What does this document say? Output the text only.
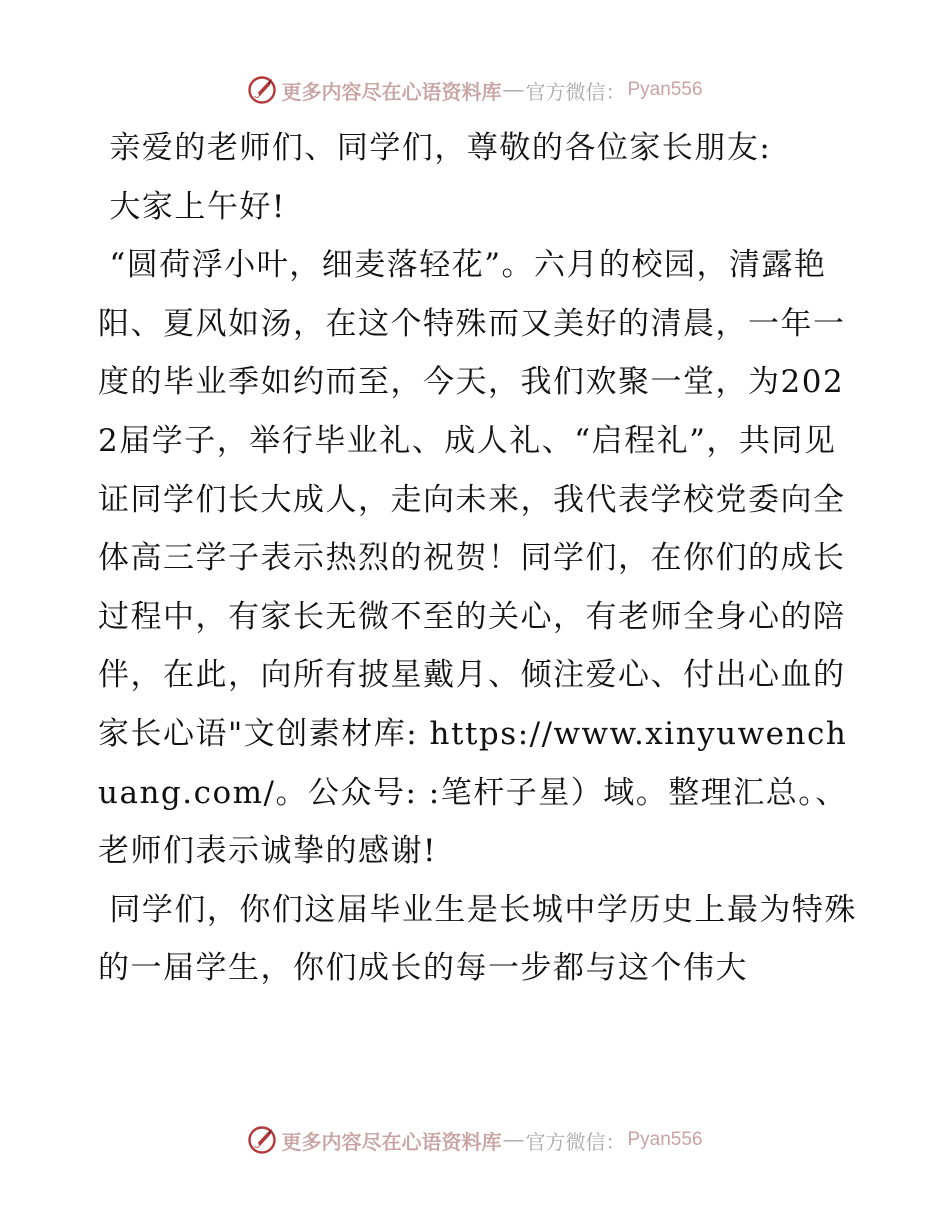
更多内容尽在心语资料库 — 官方微信： Pyan556

亲爱的老师们、同学们，尊敬的各位家长朋友:

大家上午好!

“圆荷浮小叶，细麦落轻花”。六月的校园，清露艳阳、夏风如汤，在这个特殊而又美好的清晨，一年一度的毕业季如约而至，今天，我们欢聚一堂，为2022届学子，举行毕业礼、成人礼、“启程礼”，共同见证同学们长大成人，走向未来，我代表学校党委向全体高三学子表示热烈的祝贺！同学们，在你们的成长过程中，有家长无微不至的关心，有老师全身心的陪伴，在此，向所有披星戴月、倾注爱心、付出心血的家长心语"文创素材库: https://www.xinyuwenchuang.com/。公众号: :笔杆子星）域。整理汇总。、老师们表示诚挚的感谢!

同学们，你们这届毕业生是长城中学历史上最为特殊的一届学生，你们成长的每一步都与这个伟大

更多内容尽在心语资料库 — 官方微信： Pyan556
